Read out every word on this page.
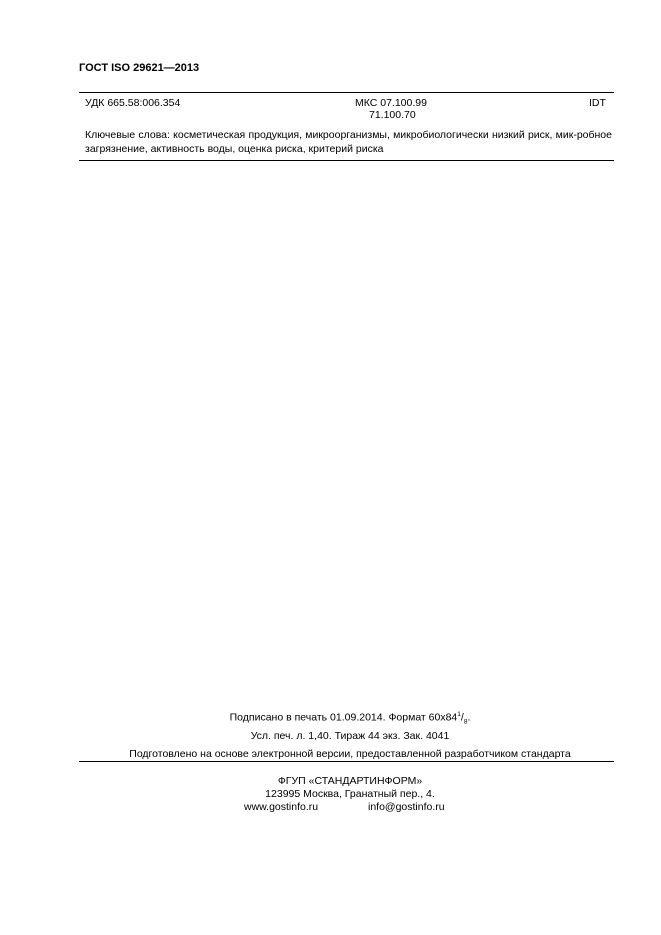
ГОСТ ISO 29621—2013
УДК 665.58:006.354	МКС 07.100.99
71.100.70
IDT
Ключевые слова: косметическая продукция, микроорганизмы, микробиологически низкий риск, мик-робное загрязнение, активность воды, оценка риска, критерий риска
Подписано в печать 01.09.2014. Формат $60x84^1/_8$.
Усл. печ. л. 1,40. Тираж 44 экз. Зак. 4041
Подготовлено на основе электронной версии, предоставленной разработчиком стандарта
ФГУП «СТАНДАРТИНФОРМ»
123995 Москва, Гранатный пер., 4.
www.gostinfo.ru	info@gostinfo.ru
